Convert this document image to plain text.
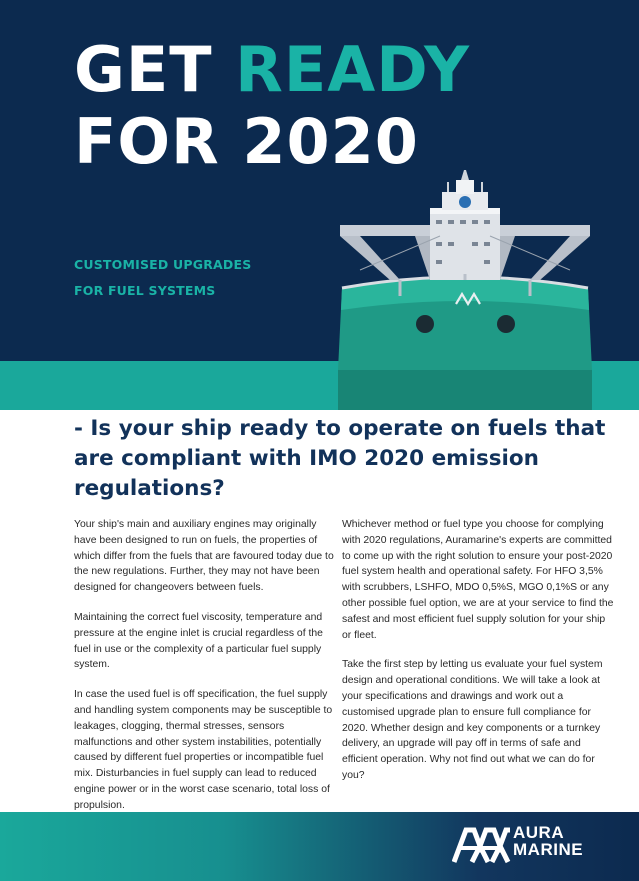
GET READY
FOR 2020
CUSTOMISED UPGRADES
FOR FUEL SYSTEMS
- Is your ship ready to operate on fuels that are compliant with IMO 2020 emission regulations?

Your ship's main and auxiliary engines may originally have been designed to run on fuels, the properties of which differ from the fuels that are favoured today due to the new regulations. Further, they may not have been designed for changeovers between fuels.

Maintaining the correct fuel viscosity, temperature and pressure at the engine inlet is crucial regardless of the fuel in use or the complexity of a particular fuel supply system.

In case the used fuel is off specification, the fuel supply and handling system components may be susceptible to leakages, clogging, thermal stresses, sensors malfunctions and other system instabilities, potentially caused by different fuel properties or incompatible fuel mix. Disturbancies in fuel supply can lead to reduced engine power or in the worst case scenario, total loss of propulsion.

Whichever method or fuel type you choose for complying with 2020 regulations, Auramarine's experts are committed to come up with the right solution to ensure your post-2020 fuel system health and operational safety. For HFO 3,5% with scrubbers, LSHFO, MDO 0,5%S, MGO 0,1%S or any other possible fuel option, we are at your service to find the safest and most efficient fuel supply solution for your ship or fleet.

Take the first step by letting us evaluate your fuel system design and operational conditions. We will take a look at your specifications and drawings and work out a customised upgrade plan to ensure full compliance for 2020. Whether design and key components or a turnkey delivery, an upgrade will pay off in terms of safe and efficient operation. Why not find out what we can do for you?

AURA
MARINE
